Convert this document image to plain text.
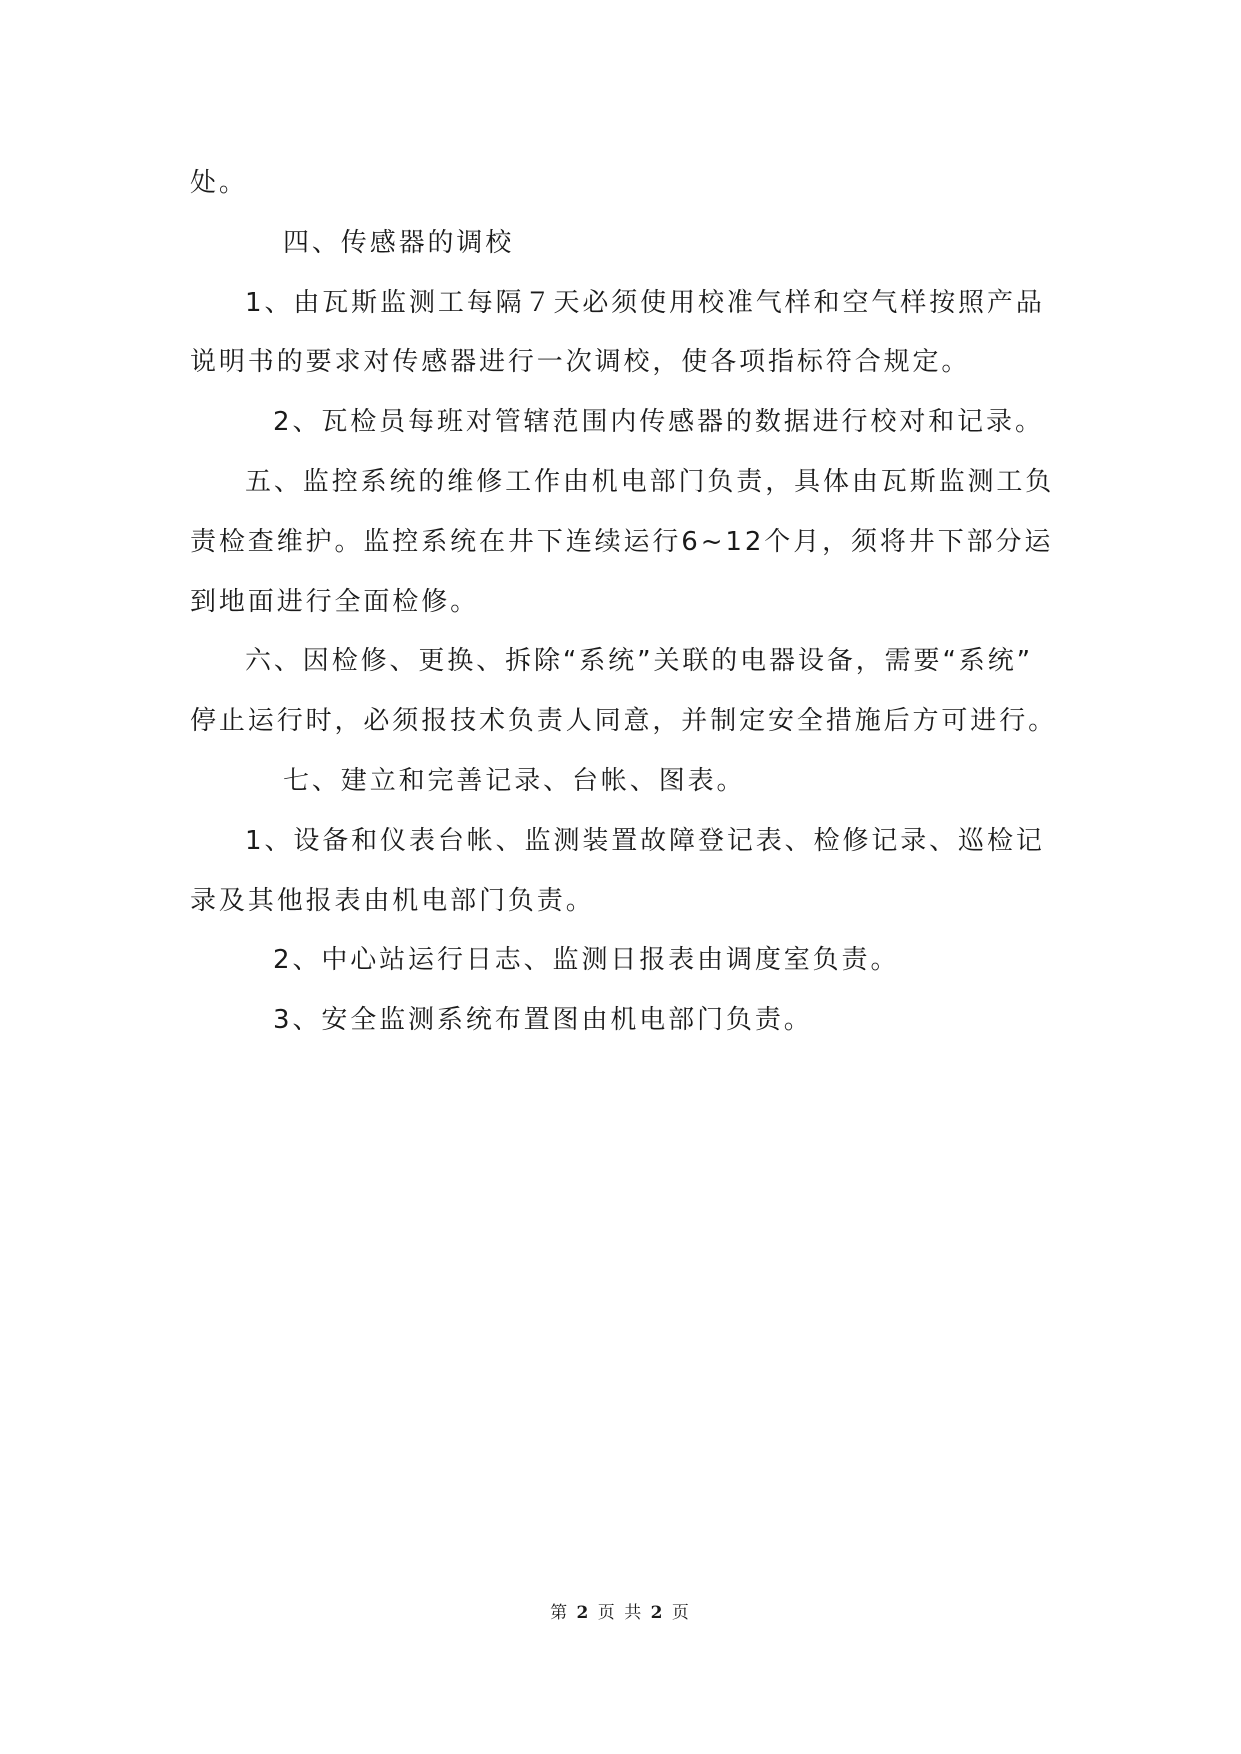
处。

四、传感器的调校

1、由瓦斯监测工每隔７天必须使用校准气样和空气样按照产品

说明书的要求对传感器进行一次调校，使各项指标符合规定。

2、瓦检员每班对管辖范围内传感器的数据进行校对和记录。

五、监控系统的维修工作由机电部门负责，具体由瓦斯监测工负

责检查维护。监控系统在井下连续运行6~12个月，须将井下部分运

到地面进行全面检修。

六、因检修、更换、拆除“系统”关联的电器设备，需要“系统”

停止运行时，必须报技术负责人同意，并制定安全措施后方可进行。

七、建立和完善记录、台帐、图表。

1、设备和仪表台帐、监测装置故障登记表、检修记录、巡检记

录及其他报表由机电部门负责。

2、中心站运行日志、监测日报表由调度室负责。

3、安全监测系统布置图由机电部门负责。

第 2 页 共 2 页
